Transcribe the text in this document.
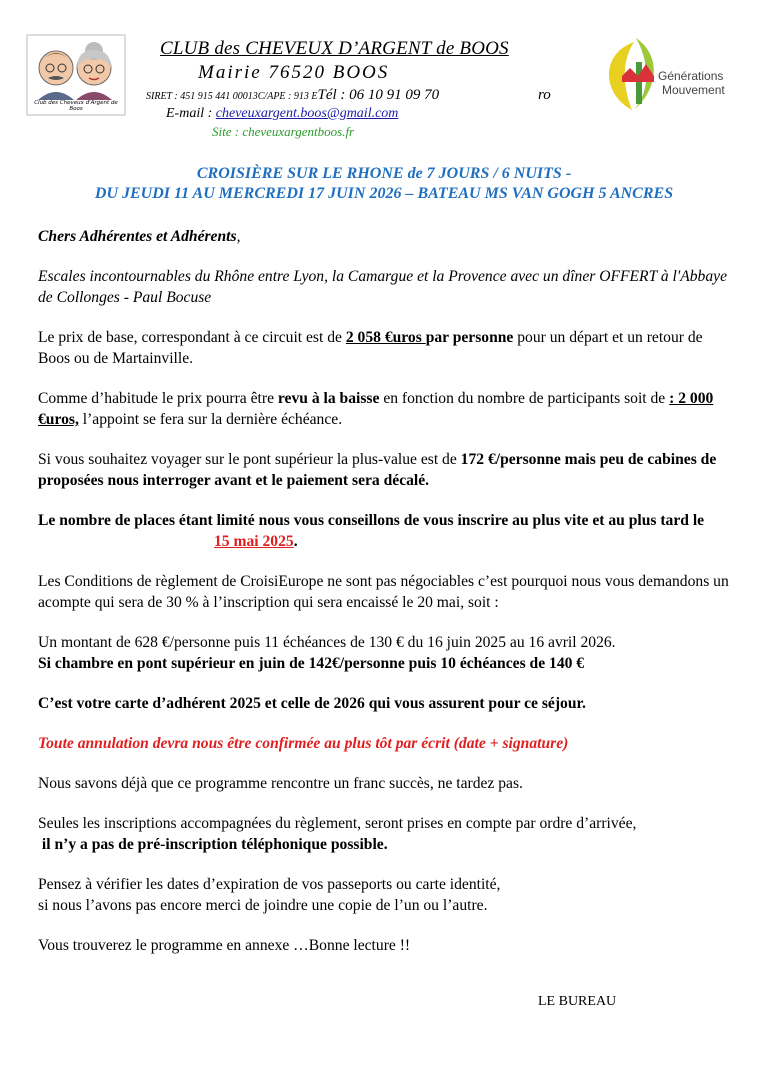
Club des Cheveux d'Argent de Boos
CLUB des CHEVEUX D’ARGENT de BOOS
Mairie 76520 BOOS
SIRET : 451 915 441 00013C/APE : 913 ETél : 06 10 91 09 70	ro
E-mail : cheveuxargent.boos@gmail.com
Site : cheveuxargentboos.fr
Générations
Mouvement
CROISIÈRE SUR LE RHONE de 7 JOURS / 6 NUITS -
DU JEUDI 11 AU MERCREDI 17 JUIN 2026 – BATEAU MS VAN GOGH 5 ANCRES

Chers Adhérentes et Adhérents,

Escales incontournables du Rhône entre Lyon, la Camargue et la Provence avec un dîner OFFERT à l'Abbaye de Collonges - Paul Bocuse

Le prix de base, correspondant à ce circuit est de 2 058 €uros par personne pour un départ et un retour de Boos ou de Martainville.

Comme d’habitude le prix pourra être revu à la baisse en fonction du nombre de participants soit de : 2 000 €uros, l’appoint se fera sur la dernière échéance.

Si vous souhaitez voyager sur le pont supérieur la plus-value est de 172 €/personne mais peu de cabines de proposées nous interroger avant et le paiement sera décalé.

Le nombre de places étant limité nous vous conseillons de vous inscrire au plus vite et au plus tard le15 mai 2025.

Les Conditions de règlement de CroisiEurope ne sont pas négociables c’est pourquoi nous vous demandons un acompte qui sera de 30 % à l’inscription qui sera encaissé le 20 mai, soit :

Un montant de 628 €/personne puis 11 échéances de 130 € du 16 juin 2025 au 16 avril 2026.
Si chambre en pont supérieur en juin de 142€/personne puis 10 échéances de 140 €

C’est votre carte d’adhérent 2025 et celle de 2026 qui vous assurent pour ce séjour.

Toute annulation devra nous être confirmée au plus tôt par écrit (date + signature)

Nous savons déjà que ce programme rencontre un franc succès, ne tardez pas.

Seules les inscriptions accompagnées du règlement, seront prises en compte par ordre d’arrivée,
il n’y a pas de pré-inscription téléphonique possible.

Pensez à vérifier les dates d’expiration de vos passeports ou carte identité,
si nous l’avons pas encore merci de joindre une copie de l’un ou l’autre.

Vous trouverez le programme en annexe …Bonne lecture !!

LE BUREAU
